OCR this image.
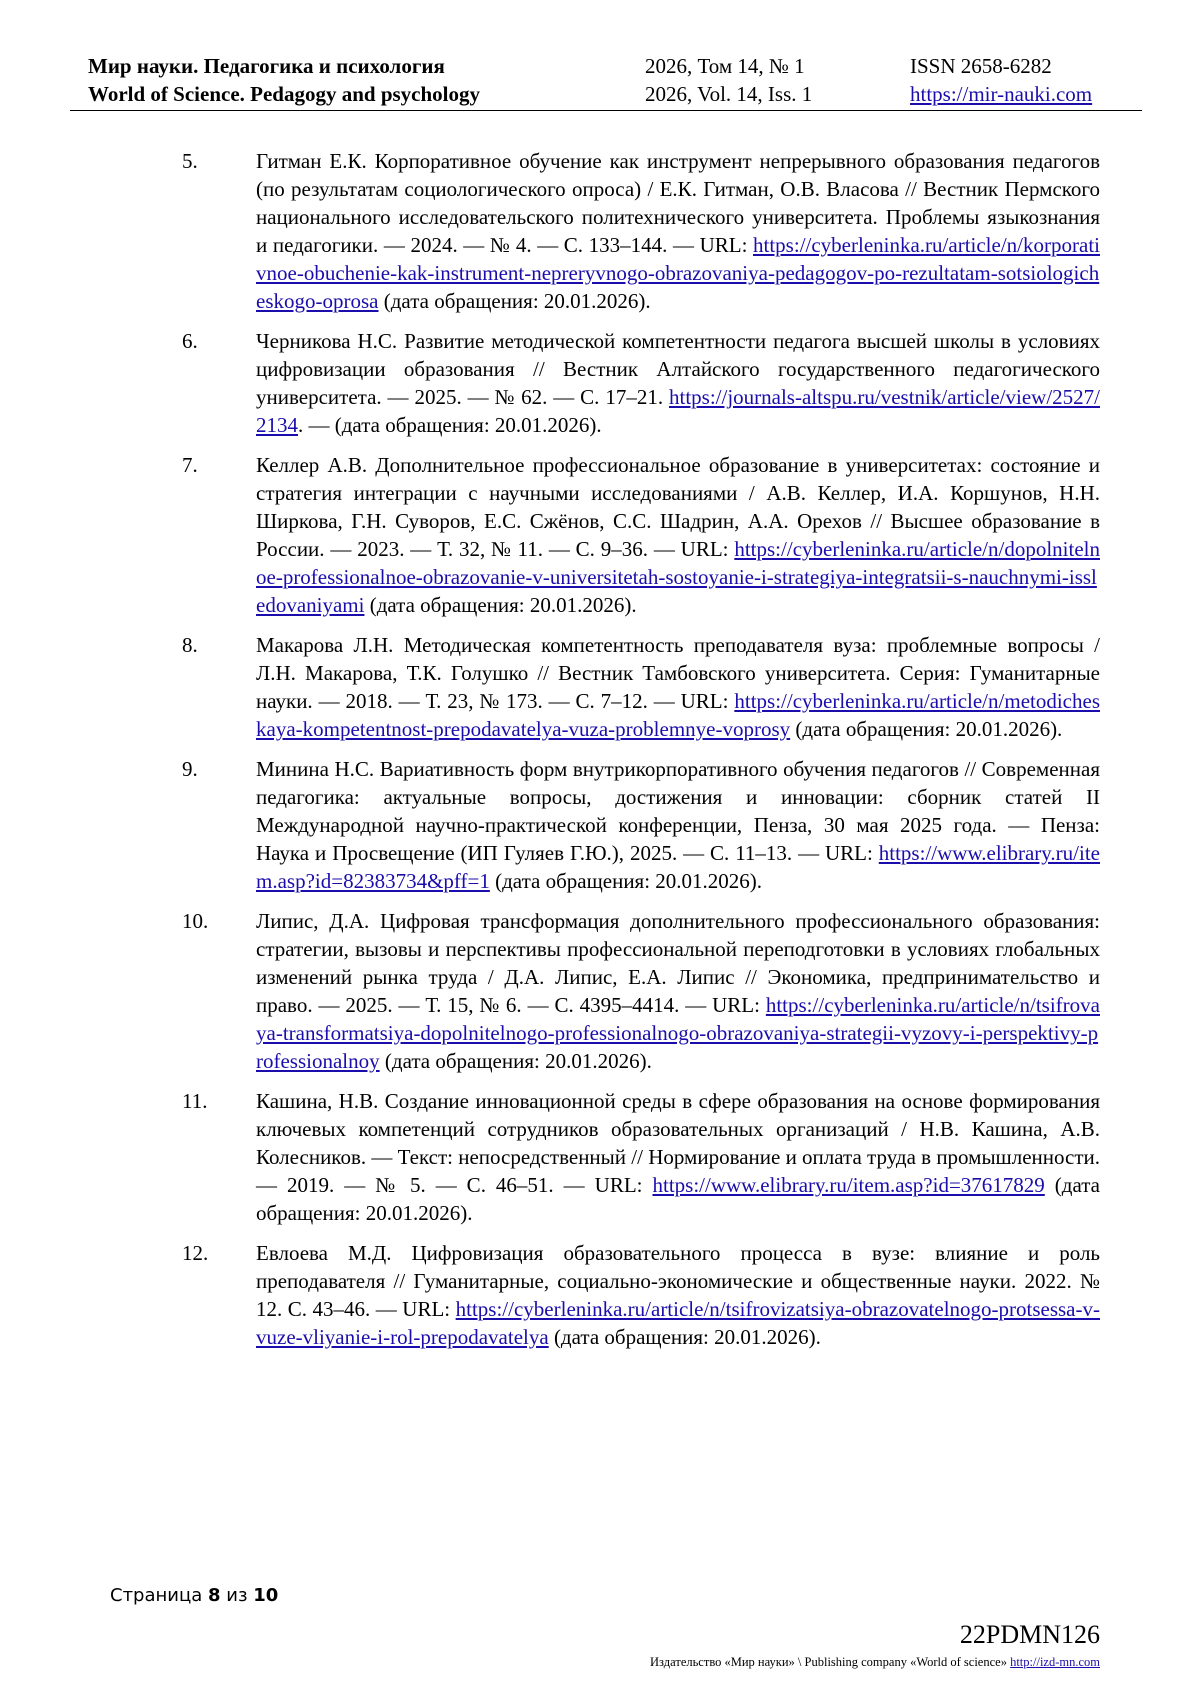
Мир науки. Педагогика и психология
World of Science. Pedagogy and psychology
2026, Том 14, № 1
2026, Vol. 14, Iss. 1
ISSN 2658-6282
https://mir-nauki.com
5.	Гитман Е.К. Корпоративное обучение как инструмент непрерывного образования педагогов (по результатам социологического опроса) / Е.К. Гитман, О.В. Власова // Вестник Пермского национального исследовательского политехнического университета. Проблемы языкознания и педагогики. — 2024. — № 4. — С. 133–144. — URL: https://cyberleninka.ru/article/n/korporativnoe-obuchenie-kak-instrument-nepreryvnogo-obrazovaniya-pedagogov-po-rezultatam-sotsiologicheskogo-oprosa (дата обращения: 20.01.2026).
6.	Черникова Н.С. Развитие методической компетентности педагога высшей школы в условиях цифровизации образования // Вестник Алтайского государственного педагогического университета. — 2025. — № 62. — С. 17–21. https://journals-altspu.ru/vestnik/article/view/2527/2134. — (дата обращения: 20.01.2026).
7.	Келлер А.В. Дополнительное профессиональное образование в университетах: состояние и стратегия интеграции с научными исследованиями / А.В. Келлер, И.А. Коршунов, Н.Н. Ширкова, Г.Н. Суворов, Е.С. Сжёнов, С.С. Шадрин, А.А. Орехов // Высшее образование в России. — 2023. — Т. 32, № 11. — С. 9–36. — URL: https://cyberleninka.ru/article/n/dopolnitelnoe-professionalnoe-obrazovanie-v-universitetah-sostoyanie-i-strategiya-integratsii-s-nauchnymi-issledovaniyami (дата обращения: 20.01.2026).
8.	Макарова Л.Н. Методическая компетентность преподавателя вуза: проблемные вопросы / Л.Н. Макарова, Т.К. Голушко // Вестник Тамбовского университета. Серия: Гуманитарные науки. — 2018. — Т. 23, № 173. — С. 7–12. — URL: https://cyberleninka.ru/article/n/metodicheskaya-kompetentnost-prepodavatelya-vuza-problemnye-voprosy (дата обращения: 20.01.2026).
9.	Минина Н.С. Вариативность форм внутрикорпоративного обучения педагогов // Современная педагогика: актуальные вопросы, достижения и инновации: сборник статей II Международной научно-практической конференции, Пенза, 30 мая 2025 года. — Пенза: Наука и Просвещение (ИП Гуляев Г.Ю.), 2025. — С. 11–13. — URL: https://www.elibrary.ru/item.asp?id=82383734&pff=1 (дата обращения: 20.01.2026).
10. Липис, Д.А. Цифровая трансформация дополнительного профессионального образования: стратегии, вызовы и перспективы профессиональной переподготовки в условиях глобальных изменений рынка труда / Д.А. Липис, Е.А. Липис // Экономика, предпринимательство и право. — 2025. — Т. 15, № 6. — С. 4395–4414. — URL: https://cyberleninka.ru/article/n/tsifrovaya-transformatsiya-dopolnitelnogo-professionalnogo-obrazovaniya-strategii-vyzovy-i-perspektivy-professionalnoy (дата обращения: 20.01.2026).
11. Кашина, Н.В. Создание инновационной среды в сфере образования на основе формирования ключевых компетенций сотрудников образовательных организаций / Н.В. Кашина, А.В. Колесников. — Текст: непосредственный // Нормирование и оплата труда в промышленности. — 2019. — № 5. — С. 46–51. — URL: https://www.elibrary.ru/item.asp?id=37617829 (дата обращения: 20.01.2026).
12. Евлоева М.Д. Цифровизация образовательного процесса в вузе: влияние и роль преподавателя // Гуманитарные, социально-экономические и общественные науки. 2022. № 12. С. 43–46. — URL: https://cyberleninka.ru/article/n/tsifrovizatsiya-obrazovatelnogo-protsessa-v-vuze-vliyanie-i-rol-prepodavatelya (дата обращения: 20.01.2026).
Страница 8 из 10
22PDMN126
Издательство «Мир науки» \ Publishing company «World of science» http://izd-mn.com
